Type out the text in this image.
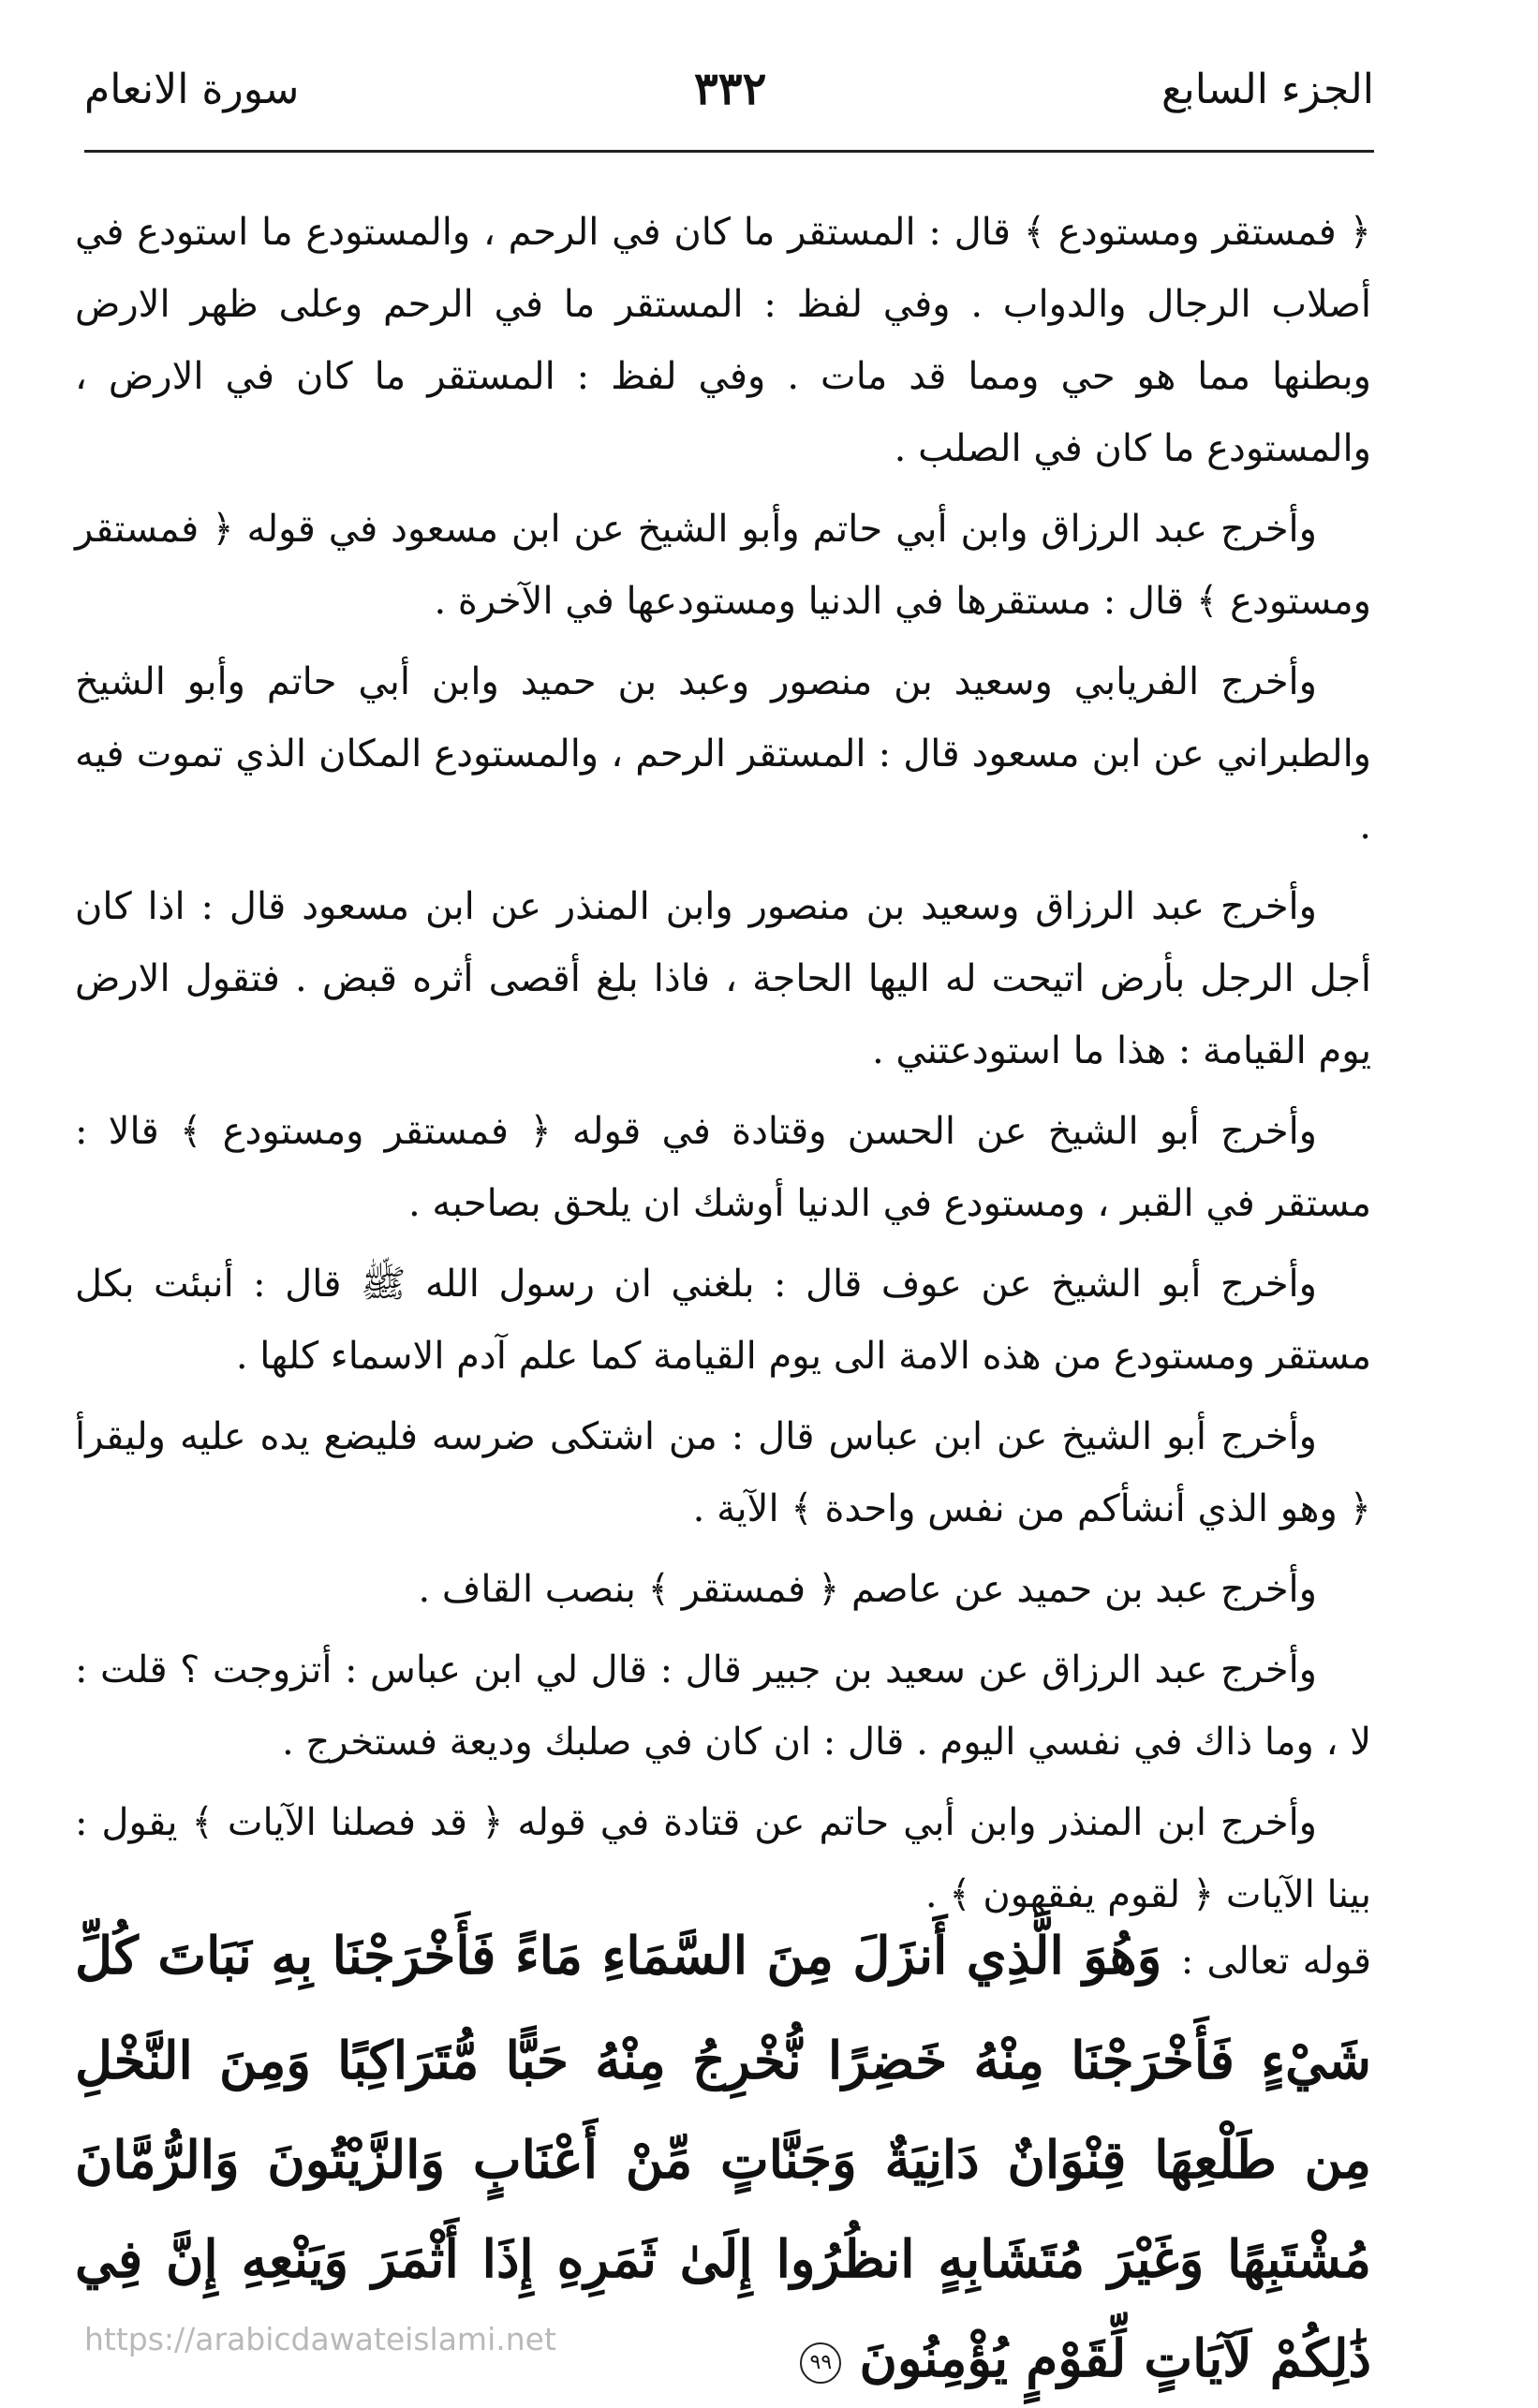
الجزء السابع
٣٣٢
سورة الانعام

﴿ فمستقر ومستودع ﴾ قال : المستقر ما كان في الرحم ، والمستودع ما استودع في أصلاب الرجال والدواب . وفي لفظ : المستقر ما في الرحم وعلى ظهر الارض وبطنها مما هو حي ومما قد مات . وفي لفظ : المستقر ما كان في الارض ، والمستودع ما كان في الصلب .

وأخرج عبد الرزاق وابن أبي حاتم وأبو الشيخ عن ابن مسعود في قوله ﴿ فمستقر ومستودع ﴾ قال : مستقرها في الدنيا ومستودعها في الآخرة .

وأخرج الفريابي وسعيد بن منصور وعبد بن حميد وابن أبي حاتم وأبو الشيخ والطبراني عن ابن مسعود قال : المستقر الرحم ، والمستودع المكان الذي تموت فيه .

وأخرج عبد الرزاق وسعيد بن منصور وابن المنذر عن ابن مسعود قال : اذا كان أجل الرجل بأرض اتيحت له اليها الحاجة ، فاذا بلغ أقصى أثره قبض . فتقول الارض يوم القيامة : هذا ما استودعتني .

وأخرج أبو الشيخ عن الحسن وقتادة في قوله ﴿ فمستقر ومستودع ﴾ قالا : مستقر في القبر ، ومستودع في الدنيا أوشك ان يلحق بصاحبه .

وأخرج أبو الشيخ عن عوف قال : بلغني ان رسول الله ﷺ قال : أنبئت بكل مستقر ومستودع من هذه الامة الى يوم القيامة كما علم آدم الاسماء كلها .

وأخرج أبو الشيخ عن ابن عباس قال : من اشتكى ضرسه فليضع يده عليه وليقرأ ﴿ وهو الذي أنشأكم من نفس واحدة ﴾ الآية .

وأخرج عبد بن حميد عن عاصم ﴿ فمستقر ﴾ بنصب القاف .

وأخرج عبد الرزاق عن سعيد بن جبير قال : قال لي ابن عباس : أتزوجت ؟ قلت : لا ، وما ذاك في نفسي اليوم . قال : ان كان في صلبك وديعة فستخرج .

وأخرج ابن المنذر وابن أبي حاتم عن قتادة في قوله ﴿ قد فصلنا الآيات ﴾ يقول : بينا الآيات ﴿ لقوم يفقهون ﴾ .

قوله تعالى : وَهُوَ الَّذِي أَنزَلَ مِنَ السَّمَاءِ مَاءً فَأَخْرَجْنَا بِهِ نَبَاتَ كُلِّ شَيْءٍ فَأَخْرَجْنَا مِنْهُ خَضِرًا نُّخْرِجُ مِنْهُ حَبًّا مُّتَرَاكِبًا وَمِنَ النَّخْلِ مِن طَلْعِهَا قِنْوَانٌ دَانِيَةٌ وَجَنَّاتٍ مِّنْ أَعْنَابٍ وَالزَّيْتُونَ وَالرُّمَّانَ مُشْتَبِهًا وَغَيْرَ مُتَشَابِهٍ انظُرُوا إِلَىٰ ثَمَرِهِ إِذَا أَثْمَرَ وَيَنْعِهِ إِنَّ فِي ذَٰلِكُمْ لَآيَاتٍ لِّقَوْمٍ يُؤْمِنُونَ ٩٩
https://arabicdawateislami.net
